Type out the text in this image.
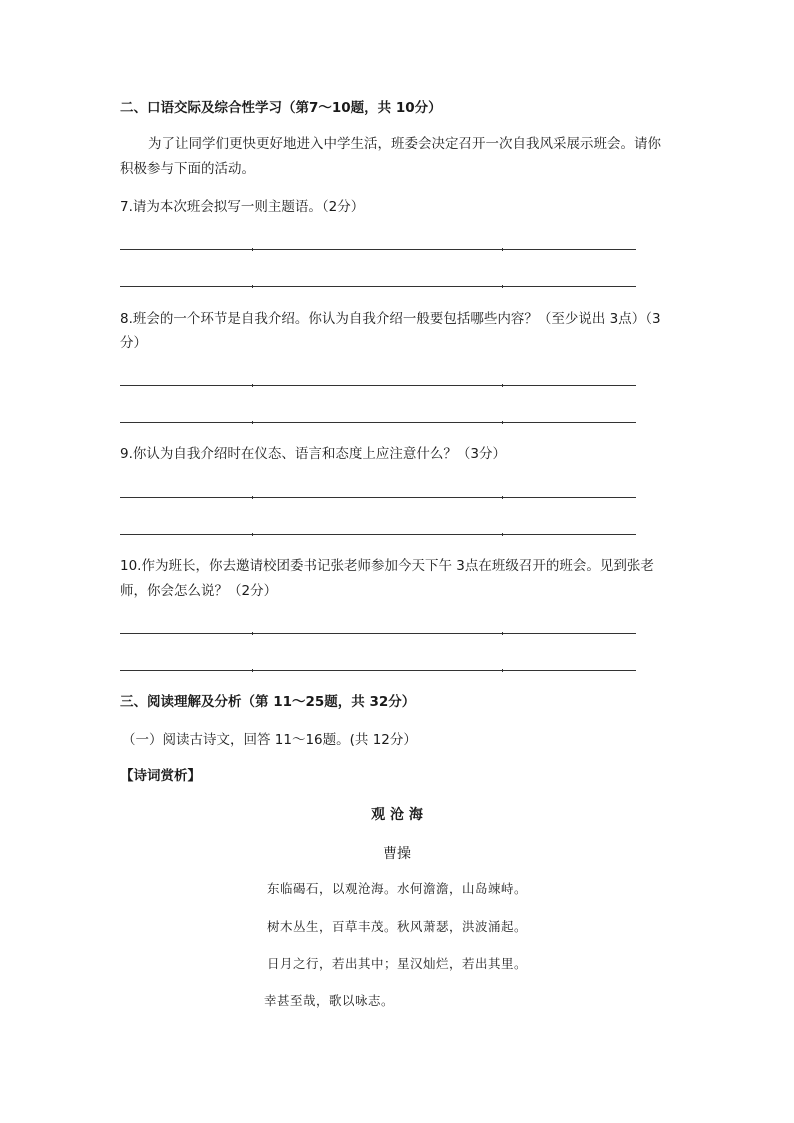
二、口语交际及综合性学习（第7～10题，共 10分）
为了让同学们更快更好地进入中学生活，班委会决定召开一次自我风采展示班会。请你
积极参与下面的活动。
7.请为本次班会拟写一则主题语。（2分）
8.班会的一个环节是自我介绍。你认为自我介绍一般要包括哪些内容？（至少说出 3点）（3
分）
9.你认为自我介绍时在仪态、语言和态度上应注意什么？（3分）
10.作为班长，你去邀请校团委书记张老师参加今天下午 3点在班级召开的班会。见到张老
师，你会怎么说？（2分）
三、阅读理解及分析（第 11～25题，共 32分）
（一）阅读古诗文，回答 11～16题。(共 12分）
【诗词赏析】
观 沧 海
曹操
东临碣石，以观沧海。水何澹澹，山岛竦峙。
树木丛生，百草丰茂。秋风萧瑟，洪波涌起。
日月之行，若出其中；星汉灿烂，若出其里。
幸甚至哉，歌以咏志。
